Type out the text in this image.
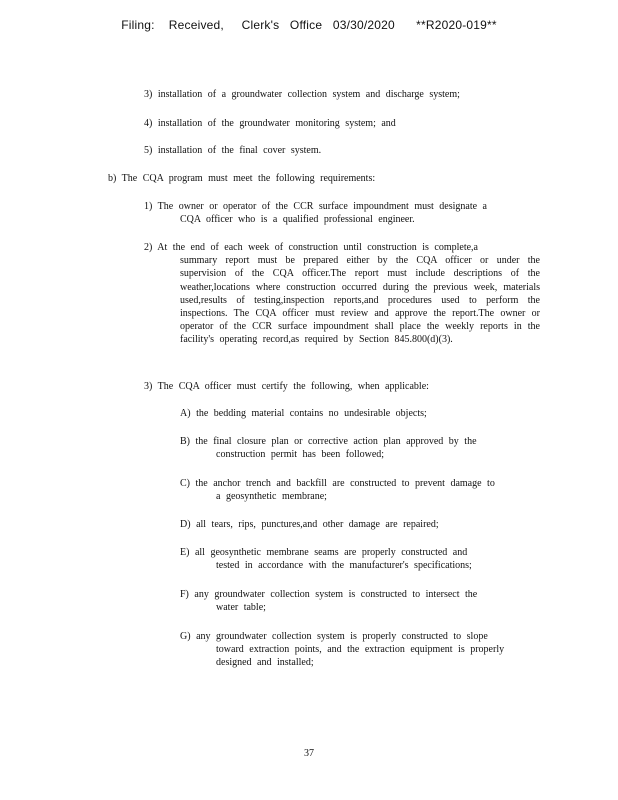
Filing:    Received,     Clerk's   Office   03/30/2020      **R2020-019**
3) installation of a groundwater collection system and discharge system;
4) installation of the groundwater monitoring system; and
5) installation of the final cover system.
b) The CQA program must meet the following requirements:
1) The owner or operator of the CCR surface impoundment must designate a
CQA officer who is a qualified professional engineer.
2) At the end of each week of construction until construction is complete,a
summary report must be prepared either by the CQA officer or under the supervision of the CQA officer.The report must include descriptions of the weather,locations where construction occurred during the previous week, materials used,results of testing,inspection reports,and procedures used to perform the inspections. The CQA officer must review and approve the report.The owner or operator of the CCR surface impoundment shall place the weekly reports in the facility's operating record,as required by Section 845.800(d)(3).
3) The CQA officer must certify the following, when applicable:
A) the bedding material contains no undesirable objects;
B) the final closure plan or corrective action plan approved by the
construction permit has been followed;
C) the anchor trench and backfill are constructed to prevent damage to
a geosynthetic membrane;
D) all tears, rips, punctures,and other damage are repaired;
E) all geosynthetic membrane seams are properly constructed and
tested in accordance with the manufacturer's specifications;
F) any groundwater collection system is constructed to intersect the
water table;
G) any groundwater collection system is properly constructed to slope
toward extraction points, and the extraction equipment is properly designed and installed;
37
